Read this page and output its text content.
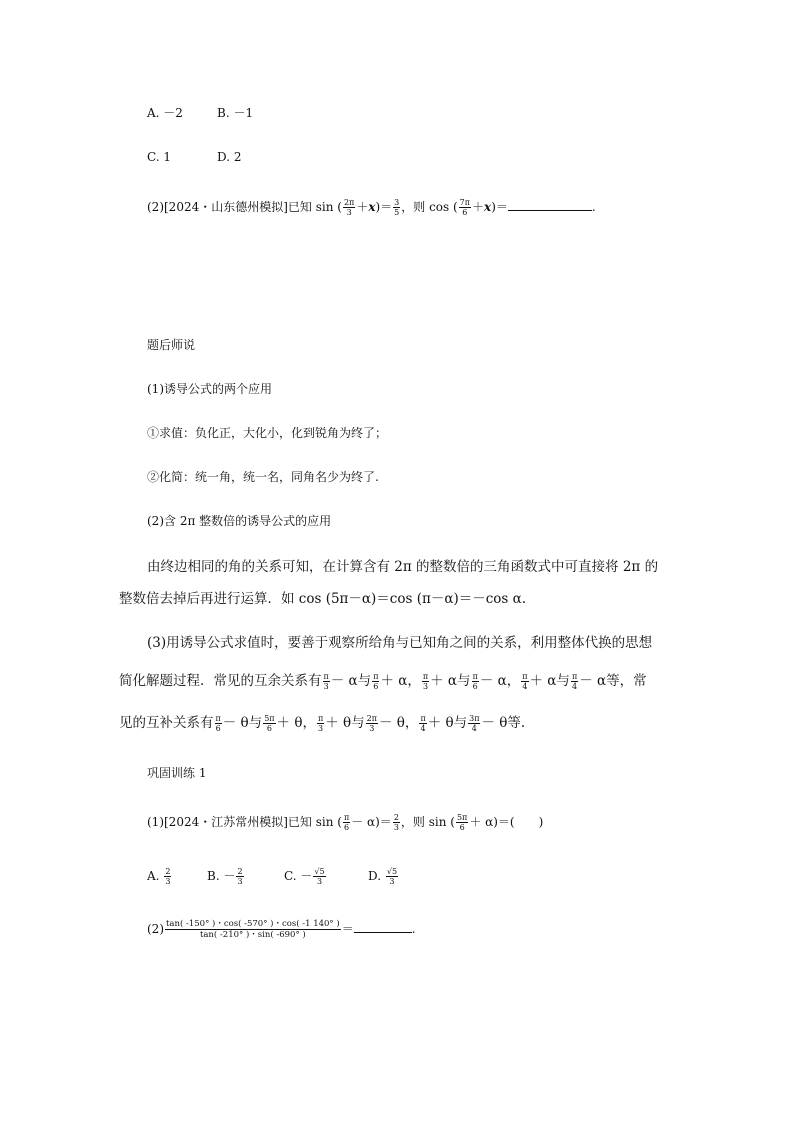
A. －2	B. －1
C. 1	D. 2
(2)[2024・山东德州模拟]已知 sin ( $\frac{2\pi}{3} +x)= \frac{3}{5}$ ，则 cos ( $\frac{7\pi}{6} +x)=$	.
题后师说
(1)诱导公式的两个应用
①求值：负化正，大化小，化到锐角为终了；
②化简：统一角，统一名，同角名少为终了.
(2)含 2π 整数倍的诱导公式的应用
由终边相同的角的关系可知，在计算含有 2π 的整数倍的三角函数式中可直接将 2π 的
整数倍去掉后再进行运算．如 cos (5π－α)＝cos (π－α)＝－cos α.
(3)用诱导公式求值时，要善于观察所给角与已知角之间的关系，利用整体代换的思想
简化解题过程．常见的互余关系有 $\frac{\pi}{3} - \alpha$与 $\frac{\pi}{6} + \alpha$， $\frac{\pi}{3} + \alpha$与 $\frac{\pi}{6} - \alpha$， $\frac{\pi}{4} + \alpha$与 $\frac{\pi}{4} - \alpha$等，常
见的互补关系有 $\frac{\pi}{6} - \theta$与 $\frac{5\pi}{6} + \theta$， $\frac{\pi}{3} + \theta$与 $\frac{2\pi}{3} - \theta$， $\frac{\pi}{4} + \theta$与 $\frac{3\pi}{4} - \theta$等.
巩固训练 1
(1)[2024・江苏常州模拟]已知 sin ( $\frac{\pi}{6} - \alpha)= \frac{2}{3}$ ，则 sin ( $\frac{5\pi}{6} + \alpha)=$(　　)
A. $\frac{2}{3}$	B. － $\frac{2}{3}$	C. － $\frac{√5}{3}$	D. $\frac{√5}{3}$
$(2) \frac{\tan( -150^\circ )・\cos( -570^\circ )・\cos( -1 140^\circ )}{\tan( -210^\circ )・\sin( -690^\circ )}$ ＝	.
